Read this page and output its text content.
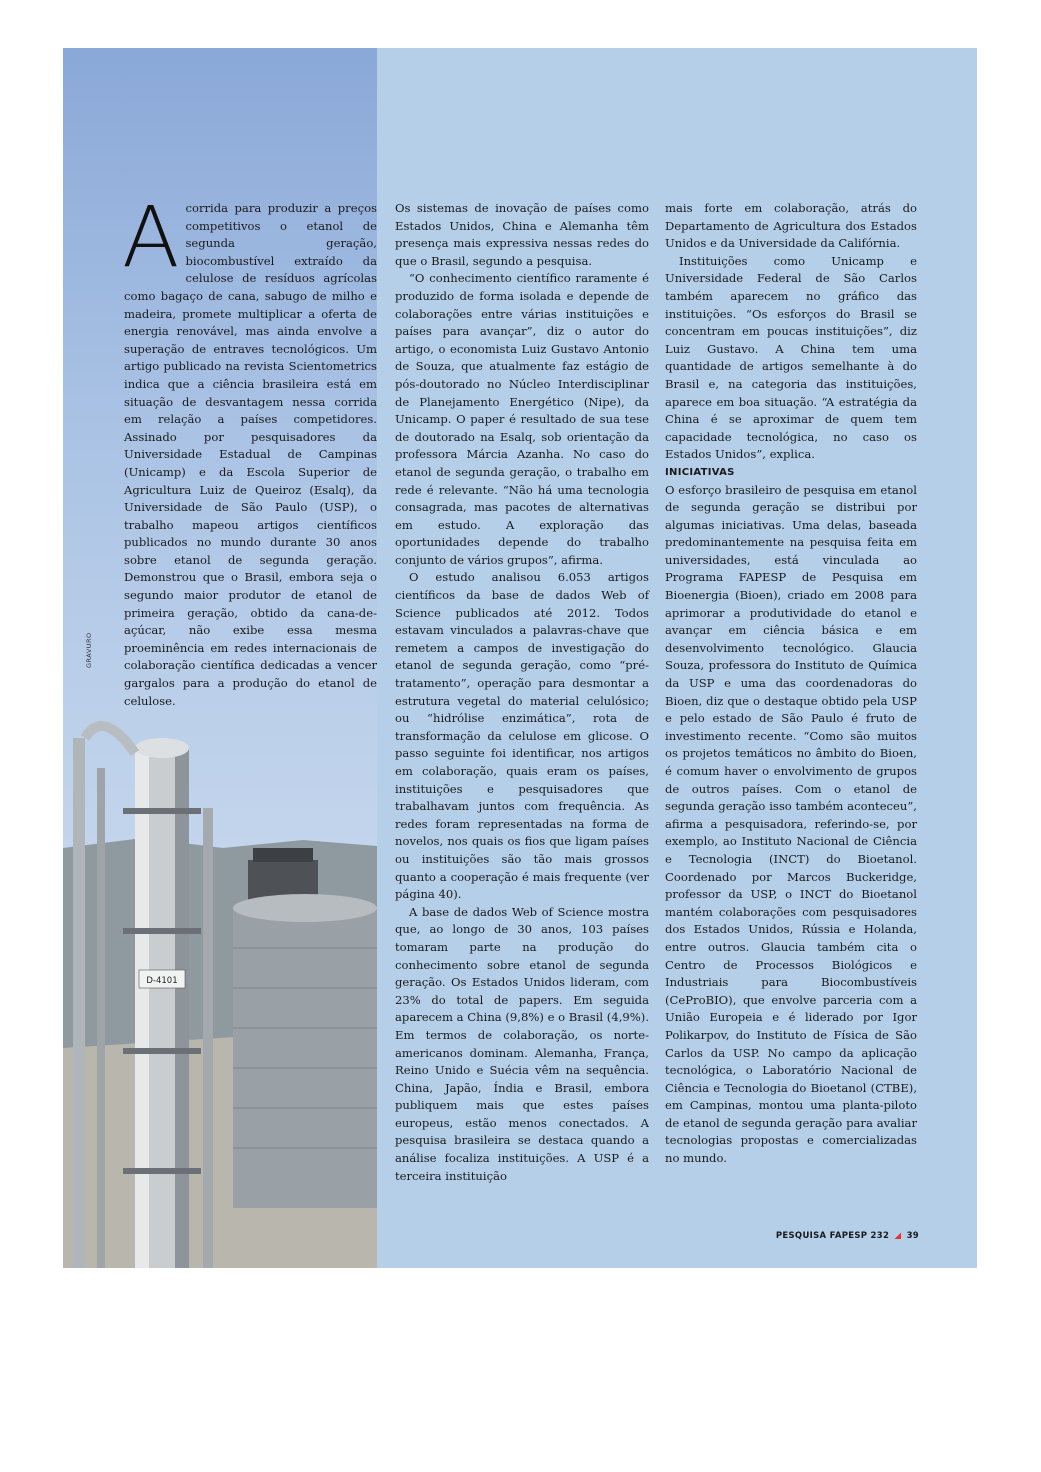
D-4101
GRAVURO

A corrida para produzir a preços competitivos o etanol de segunda geração, biocombustível extraído da celulose de resíduos agrícolas como bagaço de cana, sabugo de milho e madeira, promete multiplicar a oferta de energia renovável, mas ainda envolve a superação de entraves tecnológicos. Um artigo publicado na revista Scientometrics indica que a ciência brasileira está em situação de desvantagem nessa corrida em relação a países competidores. Assinado por pesquisadores da Universidade Estadual de Campinas (Unicamp) e da Escola Superior de Agricultura Luiz de Queiroz (Esalq), da Universidade de São Paulo (USP), o trabalho mapeou artigos científicos publicados no mundo durante 30 anos sobre etanol de segunda geração. Demonstrou que o Brasil, embora seja o segundo maior produtor de etanol de primeira geração, obtido da cana-de-açúcar, não exibe essa mesma proeminência em redes internacionais de colaboração científica dedicadas a vencer gargalos para a produção do etanol de celulose.

Os sistemas de inovação de países como Estados Unidos, China e Alemanha têm presença mais expressiva nessas redes do que o Brasil, segundo a pesquisa.

“O conhecimento científico raramente é produzido de forma isolada e depende de colaborações entre várias instituições e países para avançar”, diz o autor do artigo, o economista Luiz Gustavo Antonio de Souza, que atualmente faz estágio de pós-doutorado no Núcleo Interdisciplinar de Planejamento Energético (Nipe), da Unicamp. O paper é resultado de sua tese de doutorado na Esalq, sob orientação da professora Márcia Azanha. No caso do etanol de segunda geração, o trabalho em rede é relevante. “Não há uma tecnologia consagrada, mas pacotes de alternativas em estudo. A exploração das oportunidades depende do trabalho conjunto de vários grupos”, afirma.

O estudo analisou 6.053 artigos científicos da base de dados Web of Science publicados até 2012. Todos estavam vinculados a palavras-chave que remetem a campos de investigação do etanol de segunda geração, como “pré-tratamento”, operação para desmontar a estrutura vegetal do material celulósico; ou “hidrólise enzimática”, rota de transformação da celulose em glicose. O passo seguinte foi identificar, nos artigos em colaboração, quais eram os países, instituições e pesquisadores que trabalhavam juntos com frequência. As redes foram representadas na forma de novelos, nos quais os fios que ligam países ou instituições são tão mais grossos quanto a cooperação é mais frequente (ver página 40).

A base de dados Web of Science mostra que, ao longo de 30 anos, 103 países tomaram parte na produção do conhecimento sobre etanol de segunda geração. Os Estados Unidos lideram, com 23% do total de papers. Em seguida aparecem a China (9,8%) e o Brasil (4,9%). Em termos de colaboração, os norte-americanos dominam. Alemanha, França, Reino Unido e Suécia vêm na sequência. China, Japão, Índia e Brasil, embora publiquem mais que estes países europeus, estão menos conectados. A pesquisa brasileira se destaca quando a análise focaliza instituições. A USP é a terceira instituição

mais forte em colaboração, atrás do Departamento de Agricultura dos Estados Unidos e da Universidade da Califórnia.

Instituições como Unicamp e Universidade Federal de São Carlos também aparecem no gráfico das instituições. “Os esforços do Brasil se concentram em poucas instituições”, diz Luiz Gustavo. A China tem uma quantidade de artigos semelhante à do Brasil e, na categoria das instituições, aparece em boa situação. “A estratégia da China é se aproximar de quem tem capacidade tecnológica, no caso os Estados Unidos”, explica.

INICIATIVAS

O esforço brasileiro de pesquisa em etanol de segunda geração se distribui por algumas iniciativas. Uma delas, baseada predominantemente na pesquisa feita em universidades, está vinculada ao Programa FAPESP de Pesquisa em Bioenergia (Bioen), criado em 2008 para aprimorar a produtividade do etanol e avançar em ciência básica e em desenvolvimento tecnológico. Glaucia Souza, professora do Instituto de Química da USP e uma das coordenadoras do Bioen, diz que o destaque obtido pela USP e pelo estado de São Paulo é fruto de investimento recente. “Como são muitos os projetos temáticos no âmbito do Bioen, é comum haver o envolvimento de grupos de outros países. Com o etanol de segunda geração isso também aconteceu”, afirma a pesquisadora, referindo-se, por exemplo, ao Instituto Nacional de Ciência e Tecnologia (INCT) do Bioetanol. Coordenado por Marcos Buckeridge, professor da USP, o INCT do Bioetanol mantém colaborações com pesquisadores dos Estados Unidos, Rússia e Holanda, entre outros. Glaucia também cita o Centro de Processos Biológicos e Industriais para Biocombustíveis (CeProBIO), que envolve parceria com a União Europeia e é liderado por Igor Polikarpov, do Instituto de Física de São Carlos da USP. No campo da aplicação tecnológica, o Laboratório Nacional de Ciência e Tecnologia do Bioetanol (CTBE), em Campinas, montou uma planta-piloto de etanol de segunda geração para avaliar tecnologias propostas e comercializadas no mundo.

PESQUISA FAPESP 232 ◢ 39
